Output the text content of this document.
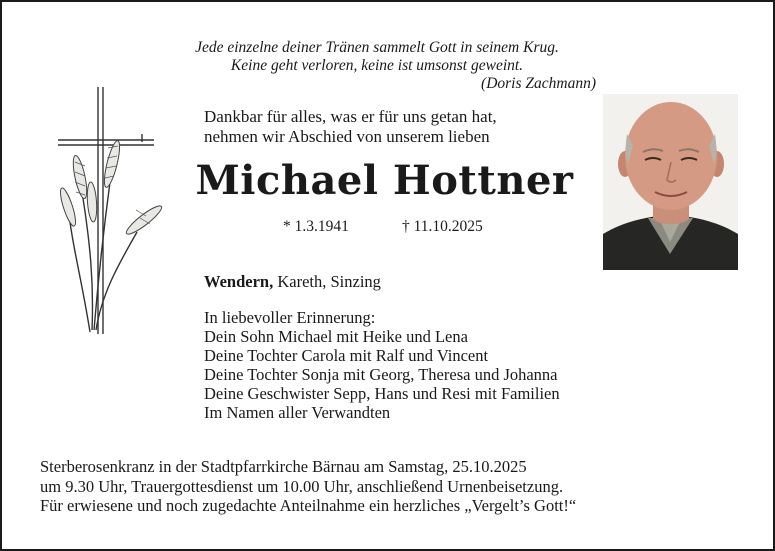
Jede einzelne deiner Tränen sammelt Gott in seinem Krug.
Keine geht verloren, keine ist umsonst geweint.
(Doris Zachmann)
Dankbar für alles, was er für uns getan hat,
nehmen wir Abschied von unserem lieben
Michael Hottner
* 1.3.1941	† 11.10.2025
Wendern, Kareth, Sinzing
In liebevoller Erinnerung:
Dein Sohn Michael mit Heike und Lena
Deine Tochter Carola mit Ralf und Vincent
Deine Tochter Sonja mit Georg, Theresa und Johanna
Deine Geschwister Sepp, Hans und Resi mit Familien
Im Namen aller Verwandten
Sterberosenkranz in der Stadtpfarrkirche Bärnau am Samstag, 25.10.2025
um 9.30 Uhr, Trauergottesdienst um 10.00 Uhr, anschließend Urnenbeisetzung.
Für erwiesene und noch zugedachte Anteilnahme ein herzliches „Vergelt’s Gott!“
